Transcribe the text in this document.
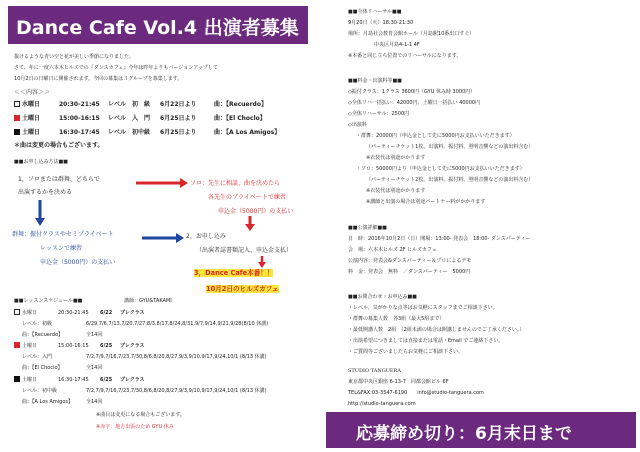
Dance Cafe Vol.4 出演者募集 !!
抜けるような青い空と花が美しい季節になりました。
さて、年に一度六本木ヒルズでの『ダンスカフェ』今年は昨年よりもバージョンアップして
10月2日の日曜日に開催されます。今回の募集は３グループを募集します。
＜＜内容＞＞
水曜日	20:30-21:45 レベル　初　級 6月22日より	曲：【Recuerdo】
土曜日	15:00-16:15 レベル　入　門 6月25日より	曲：【El Choclo】
土曜日	16:30-17:45 レベル　初中級 6月25日より	曲：【A Los Amigos】
＊曲は変更の場合もございます。
■■お申し込み方法■■
1，ソロまたは群舞、どちらで
出演するかを決める
ソロ：先生に相談、曲を決めたら
各先生のプライベートで練習
申込金（5000円）の支払い
群舞：振付クラスやセミプライベート
レッスンで練習
申込金（5000円）の支払い
2，お申し込み
（出演者誌書類記入、申込金支払）
3，Dance Cafe本番！！
10月2日のヒルズカフェ
■■レッスンスケジュール■■	講師：GYU&TAKAMI
水曜日	20:30-21:45 6/22 プレクラス
レベル：初級	6/29,7/6,7/13,7/20,7/27,8/3,8/17,8/24,8/31,9/7,9/14,9/21,9/28(8/10 休講)
曲：【Recuerdo】	全14回
土曜日	15:00-16:15 6/25 プレクラス
レベル：入門	7/2,7/9,7/16,7/23,7/30,8/6,8/20,8/27,9/3,9/10,9/17,9/24,10/1 (8/13 休講)
曲：【El Choclo】	全14回
土曜日	16:30-17:45 6/25 プレクラス
レベル：初中級	7/2,7/9,7/16,7/23,7/30,8/6,8/20,8/27,9/3,9/10,9/17,9/24,10/1 (8/13 休講)
曲：【A Los Amigos】	全14回
※曲目は変更になる場合もございます。
※赤字：地方出張のため GYU 休み
■■全体リハーサル■■
9月20日（火）18:30-21:30
場所：月島社会教育会館ホール（月島駅10番出口すぐ）
中央区月島4-1-1 4F
※本番と同じ立ち位置でのリハーサルになります。
■■料金・出演料等■■
◇振付クラス：1クラス 3600円（GYU 休み時 3000円）
◇全体リハ一括払い：42000円、土曜日一括払い 40000円
◇全体リハーサル：2500円
◇出演料
・群舞：20000円（申込金として先に5000円お支払いいただきます）
（パーティーチケット1枚、出演料、振付料、照明音響などの演出料含む）
※衣装代は別途かかります
・ソロ：50000円より（申込金として先に5000円お支払いいただきます）
（パーティーチケット2枚、出演料、振付料、照明音響などの演出料含む）
※衣装代は別途かかります
※講師と出演の場合は別途パートナー料がかかります
■■公演詳細■■
日　時：2016年10月2日（日）開場：13:00- 発表会　18:00- ダンスパーティー
会　場：六本木ヒルズ 2F ヒルズカフェ
公演内容：発表会&ダンスパーティー＆プロによるデモ
料　金：発表会　無料　／ダンスパーティー　5000円
■■お問合わせ・お申込み■■
・レベル、気がかりな点等はお気軽にスタッフまでご相談下さい。
・群舞の募集人数　各3組（最大5組まで）
・最低開講人数　2組　（2組未満の場合は開講しませんのでご了承ください。）
・出演希望につきましては直接または電話・Email でご連絡下さい。
・ご質問等ございましたらお気軽にご相談下さい。
STUDIO TANGUERA
東京都中央区銀座 6-13-7　同都会館ビル 6F
TEL&FAX:03-3547-6190　　info@studio-tanguera.com
http://studio-tanguera.com
応募締め切り：6月末日まで
